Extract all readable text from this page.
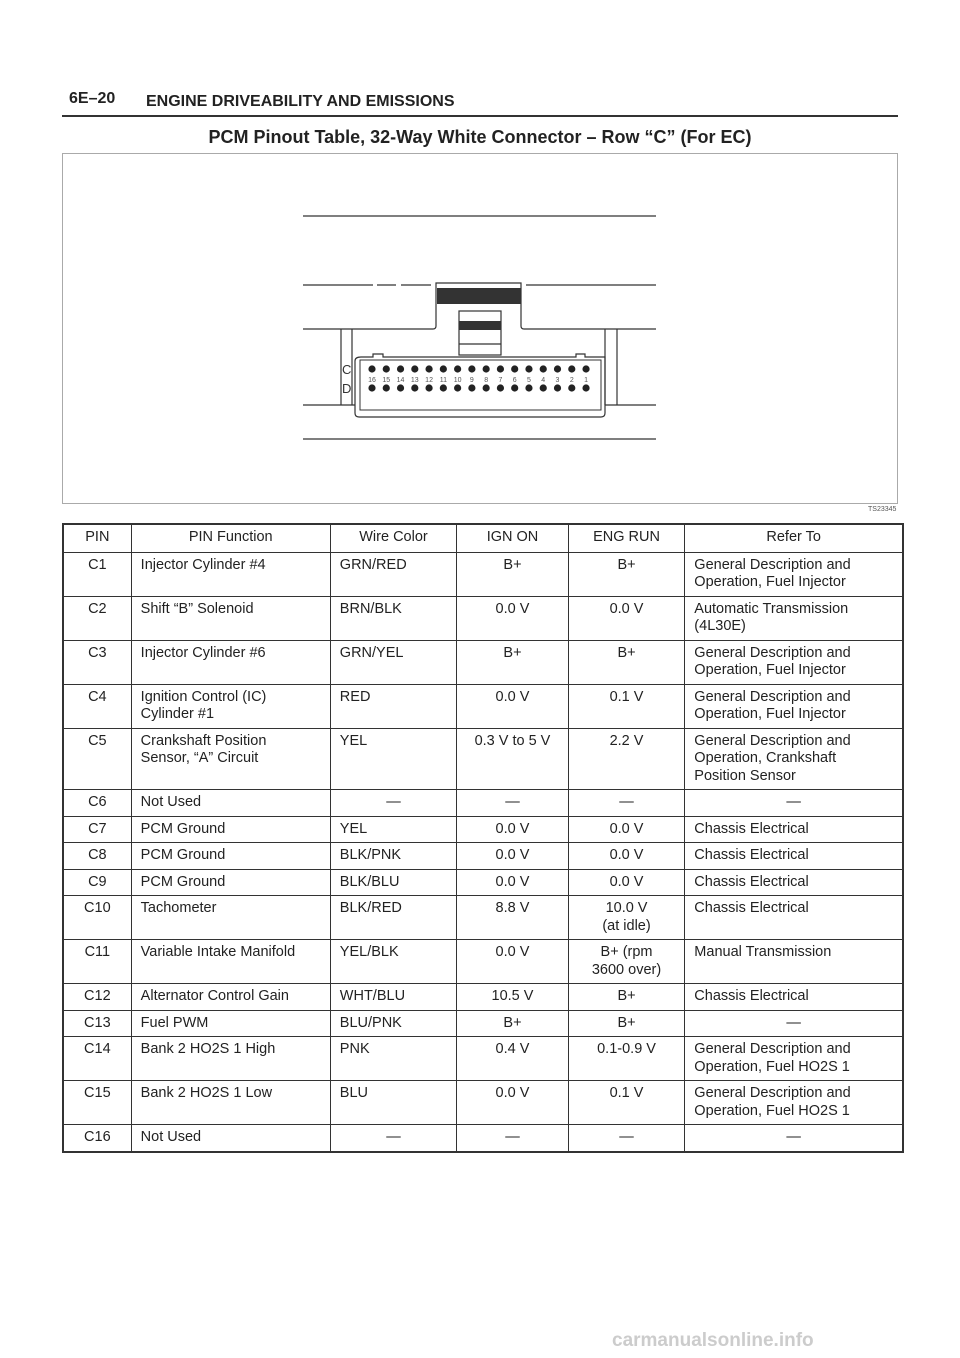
6E–20 ENGINE DRIVEABILITY AND EMISSIONS
PCM Pinout Table, 32-Way White Connector – Row “C” (For EC)
16 15 14 13 12 11 10 9 8 7 6 5 4 3 2 1
C
D
TS23345
PIN	PIN Function	Wire Color	IGN ON	ENG RUN	Refer To
C1	Injector Cylinder #4	GRN/RED	B+	B+	General Description and
Operation, Fuel Injector
C2	Shift “B” Solenoid	BRN/BLK	0.0 V	0.0 V	Automatic Transmission
(4L30E)
C3	Injector Cylinder #6	GRN/YEL	B+	B+	General Description and
Operation, Fuel Injector
C4	Ignition Control (IC)
Cylinder #1	RED	0.0 V	0.1 V	General Description and
Operation, Fuel Injector
C5	Crankshaft Position
Sensor, “A” Circuit	YEL	0.3 V to 5 V	2.2 V	General Description and
Operation, Crankshaft
Position Sensor
C6	Not Used	—	—	—	—
C7	PCM Ground	YEL	0.0 V	0.0 V	Chassis Electrical
C8	PCM Ground	BLK/PNK	0.0 V	0.0 V	Chassis Electrical
C9	PCM Ground	BLK/BLU	0.0 V	0.0 V	Chassis Electrical
C10	Tachometer	BLK/RED	8.8 V	10.0 V
(at idle)	Chassis Electrical
C11	Variable Intake Manifold	YEL/BLK	0.0 V	B+ (rpm
3600 over)	Manual Transmission
C12	Alternator Control Gain	WHT/BLU	10.5 V	B+	Chassis Electrical
C13	Fuel PWM	BLU/PNK	B+	B+	—
C14	Bank 2 HO2S 1 High	PNK	0.4 V	0.1-0.9 V	General Description and
Operation, Fuel HO2S 1
C15	Bank 2 HO2S 1 Low	BLU	0.0 V	0.1 V	General Description and
Operation, Fuel HO2S 1
C16	Not Used	—	—	—	—
carmanualsonline.info
